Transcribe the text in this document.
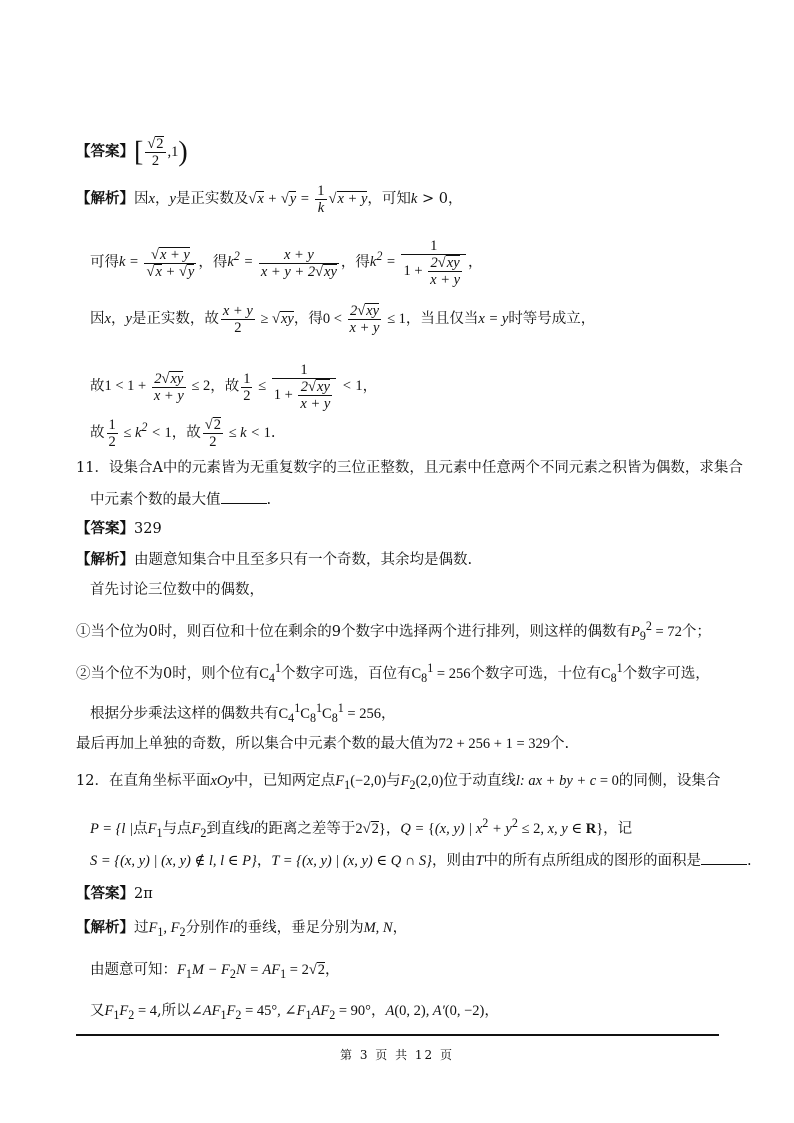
【答案】[ $\frac{√2}{2} ,1$)
【解析】因x，y是正实数及$√x + √y = \frac{1}{k} √x + y$，可知k > 0，
可得$k = \frac{√x + y}{√x + √y}$ ，得$k^2 = \frac{x + y}{x + y + 2√xy}$ ，得$k^2 = \frac{1}{1 + \frac{2√xy}{x + y}}$ ，
因x，y是正实数，故 $\frac{x + y}{2} \ge √xy$，得$0 < \frac{2√xy}{x + y} \le 1$，当且仅当x = y时等号成立，
故$1 < 1 + \frac{2√xy}{x + y} \le 2$，故 $\frac{1}{2} \le \frac{1}{1 + \frac{2√xy}{x + y}} < 1$，
故 $\frac{1}{2} \le k^2 < 1$，故 $\frac{√2}{2} \le k < 1$.
11．设集合A中的元素皆为无重复数字的三位正整数，且元素中任意两个不同元素之积皆为偶数，求集合
中元素个数的最大值	.
【答案】329
【解析】由题意知集合中且至多只有一个奇数，其余均是偶数.
首先讨论三位数中的偶数，
①当个位为0时，则百位和十位在剩余的9个数字中选择两个进行排列，则这样的偶数有$P_9^2 = 72$个；
②当个位不为0时，则个位有$C_4^1$个数字可选，百位有$C_8^1 = 256$个数字可选，十位有$C_8^1$个数字可选，
根据分步乘法这样的偶数共有$C_4^1C_8^1C_8^1 = 256$，
最后再加上单独的奇数，所以集合中元素个数的最大值为72 + 256 + 1 = 329个.
12．在直角坐标平面xOy中，已知两定点$F_1(-2,0)$与$F_2(2,0)$位于动直线l: ax + by + c = 0的同侧，设集合
P = {l |点$F_1$与点$F_2$到直线l的距离之差等于2√2}，Q = {(x, y) | $x^2 + y^2 \le 2$, x, y ∈ R}，记
S = {(x, y) | (x, y) ∉ l, l ∈ P}，T = {(x, y) | (x, y) ∈ Q ∩ S}，则由T中的所有点所组成的图形的面积是	.
【答案】2π
【解析】过$F_1$, $F_2$分别作l的垂线，垂足分别为M, N，
由题意可知：$F_1M - F_2N = AF_1 = 2√2$，
又$F_1F_2 = 4$,所以$\angle AF_1F_2 = 45^\circ$, $\angle F_1AF_2 = 90^\circ$，A(0, 2), A′(0, −2)，
第 3 页 共 12 页
